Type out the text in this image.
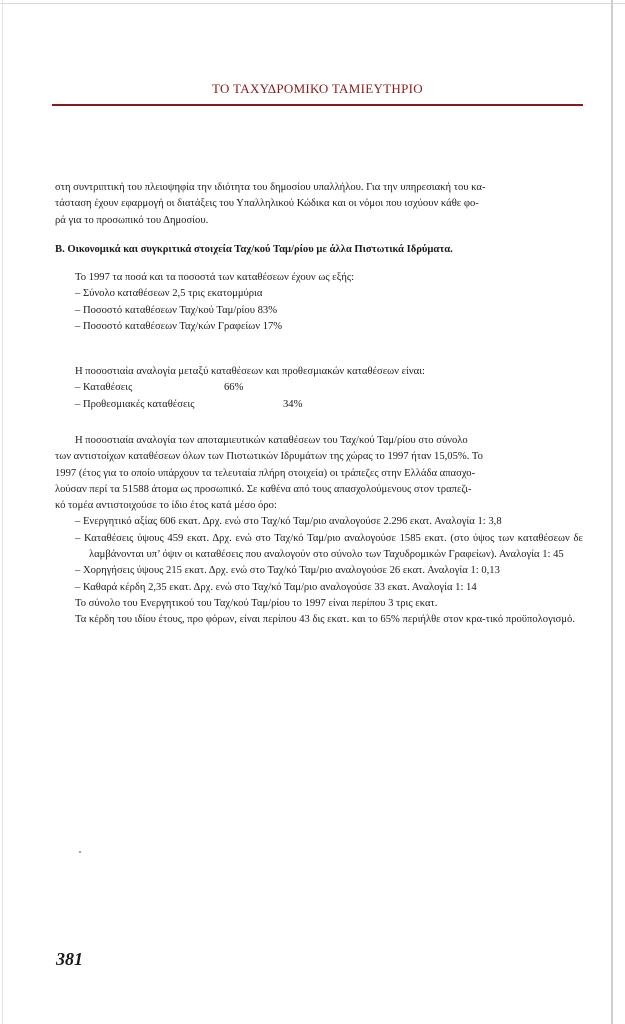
ΤΟ ΤΑΧΥΔΡΟΜΙΚΟ ΤΑΜΙΕΥΤΗΡΙΟ

στη συντριπτική του πλειοψηφία την ιδιότητα του δημοσίου υπαλλήλου. Για την υπηρεσιακή του κα-

τάσταση έχουν εφαρμογή οι διατάξεις του Υπαλληλικού Κώδικα και οι νόμοι που ισχύουν κάθε φο-

ρά για το προσωπικό του Δημοσίου.

Β. Οικονομικά και συγκριτικά στοιχεία Ταχ/κού Ταμ/ρίου με άλλα Πιστωτικά Ιδρύματα.
Το 1997 τα ποσά και τα ποσοστά των καταθέσεων έχουν ως εξής:
– Σύνολο καταθέσεων 2,5 τρις εκατομμύρια
– Ποσοστό καταθέσεων Ταχ/κού Ταμ/ρίου 83%
– Ποσοστό καταθέσεων Ταχ/κών Γραφείων 17%
Η ποσοστιαία αναλογία μεταξύ καταθέσεων και προθεσμιακών καταθέσεων είναι:
– Καταθέσεις	66%

– Προθεσμιακές καταθέσεις	34%

Η ποσοστιαία αναλογία των αποταμιευτικών καταθέσεων του Ταχ/κού Ταμ/ρίου στο σύνολο

των αντιστοίχων καταθέσεων όλων των Πιστωτικών Ιδρυμάτων της χώρας το 1997 ήταν 15,05%. Το

1997 (έτος για το οποίο υπάρχουν τα τελευταία πλήρη στοιχεία) οι τράπεζες στην Ελλάδα απασχο-

λούσαν περί τα 51588 άτομα ως προσωπικό. Σε καθένα από τους απασχολούμενους στον τραπεζι-

κό τομέα αντιστοιχούσε το ίδιο έτος κατά μέσο όρο:

– Ενεργητικό αξίας 606 εκατ. Δρχ. ενώ στο Ταχ/κό Ταμ/ριο αναλογούσε 2.296 εκατ. Αναλογία 1: 3,8

– Καταθέσεις ύψους 459 εκατ. Δρχ. ενώ στο Ταχ/κό Ταμ/ριο αναλογούσε 1585 εκατ. (στο ύψος των καταθέσεων δε λαμβάνονται υπ’ όψιν οι καταθέσεις που αναλογούν στο σύνολο των Ταχυδρομικών Γραφείων). Αναλογία 1: 45

– Χορηγήσεις ύψους 215 εκατ. Δρχ. ενώ στο Ταχ/κό Ταμ/ριο αναλογούσε 26 εκατ. Αναλογία 1: 0,13

– Καθαρά κέρδη 2,35 εκατ. Δρχ. ενώ στο Ταχ/κό Ταμ/ριο αναλογούσε 33 εκατ. Αναλογία 1: 14

Το σύνολο του Ενεργητικού του Ταχ/κού Ταμ/ρίου το 1997 είναι περίπου 3 τρις εκατ.

Τα κέρδη του ιδίου έτους, προ φόρων, είναι περίπου 43 δις εκατ. και το 65% περιήλθε στον κρα-τικό προϋπολογισμό.

381
